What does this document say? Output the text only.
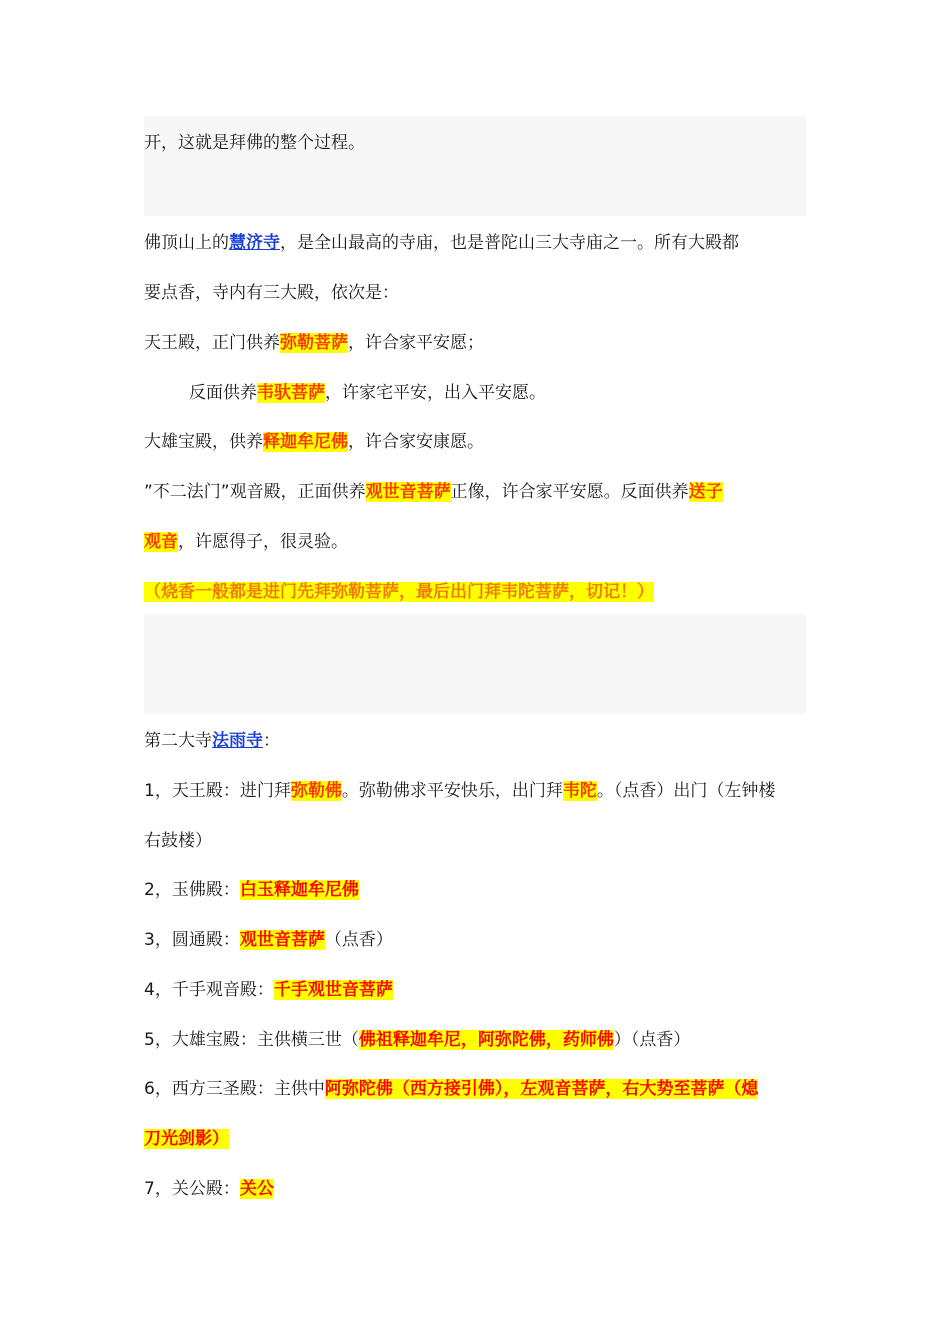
开，这就是拜佛的整个过程。
佛顶山上的慧济寺，是全山最高的寺庙，也是普陀山三大寺庙之一。所有大殿都
要点香，寺内有三大殿，依次是：
天王殿，正门供养弥勒菩萨，许合家平安愿；
反面供养韦驮菩萨，许家宅平安，出入平安愿。
大雄宝殿，供养释迦牟尼佛，许合家安康愿。
”不二法门”观音殿，正面供养观世音菩萨正像，许合家平安愿。反面供养送子
观音，许愿得子，很灵验。
（烧香一般都是进门先拜弥勒菩萨，最后出门拜韦陀菩萨，切记！）
第二大寺法雨寺：
1，天王殿：进门拜弥勒佛。弥勒佛求平安快乐，出门拜韦陀。（点香）出门（左钟楼
右鼓楼）
2，玉佛殿：白玉释迦牟尼佛
3，圆通殿：观世音菩萨（点香）
4，千手观音殿：千手观世音菩萨
5，大雄宝殿：主供横三世（佛祖释迦牟尼，阿弥陀佛，药师佛）（点香）
6，西方三圣殿：主供中阿弥陀佛（西方接引佛），左观音菩萨，右大势至菩萨（熄
刀光剑影）
7，关公殿：关公
